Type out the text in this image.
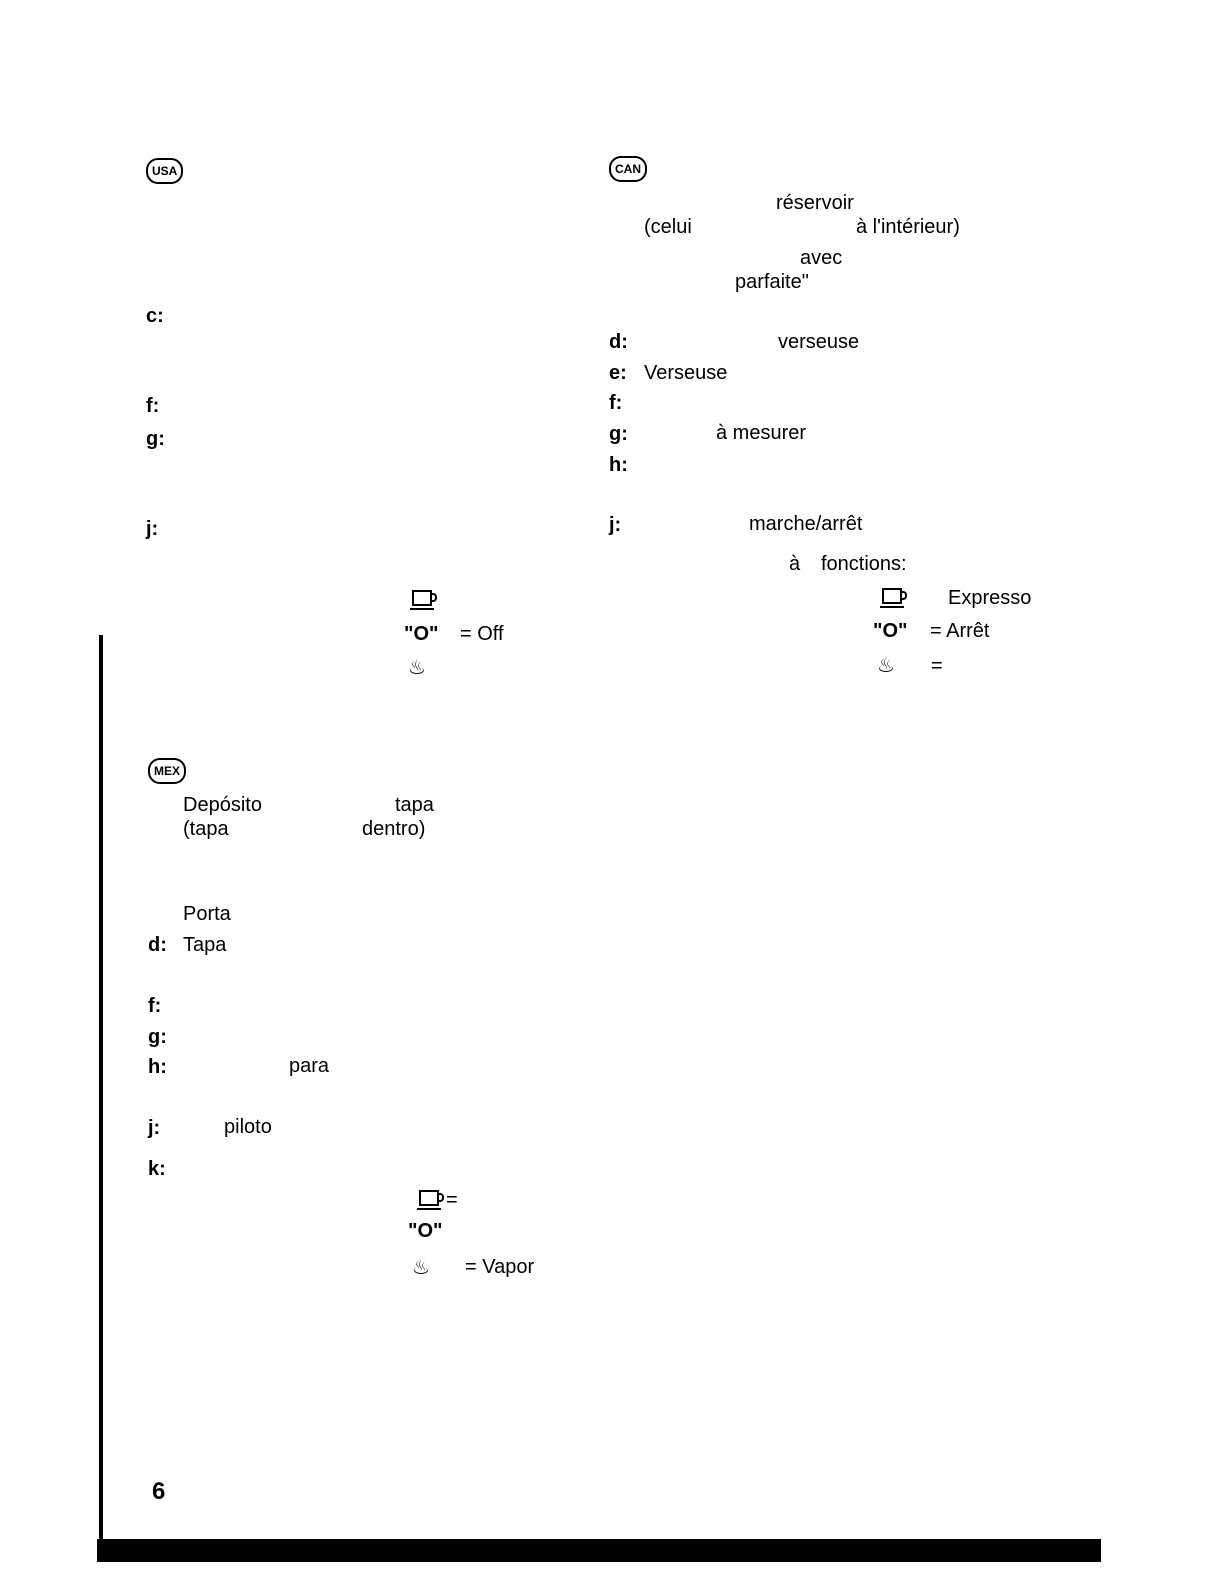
USA
c:
f:
g:
j:
"O" = Off
♨
CAN
réservoir
(celui	à l'intérieur)
avec
parfaite"
d:	verseuse
e: Verseuse
f:
g:	à mesurer
h:
j:	marche/arrêt
à fonctions:
Expresso
"O" = Arrêt
♨ =
MEX
Depósito	tapa
(tapa	dentro)
Porta
d: Tapa
f:
g:
h:	para
j:	piloto
k:
=
"O"
♨ = Vapor
6
